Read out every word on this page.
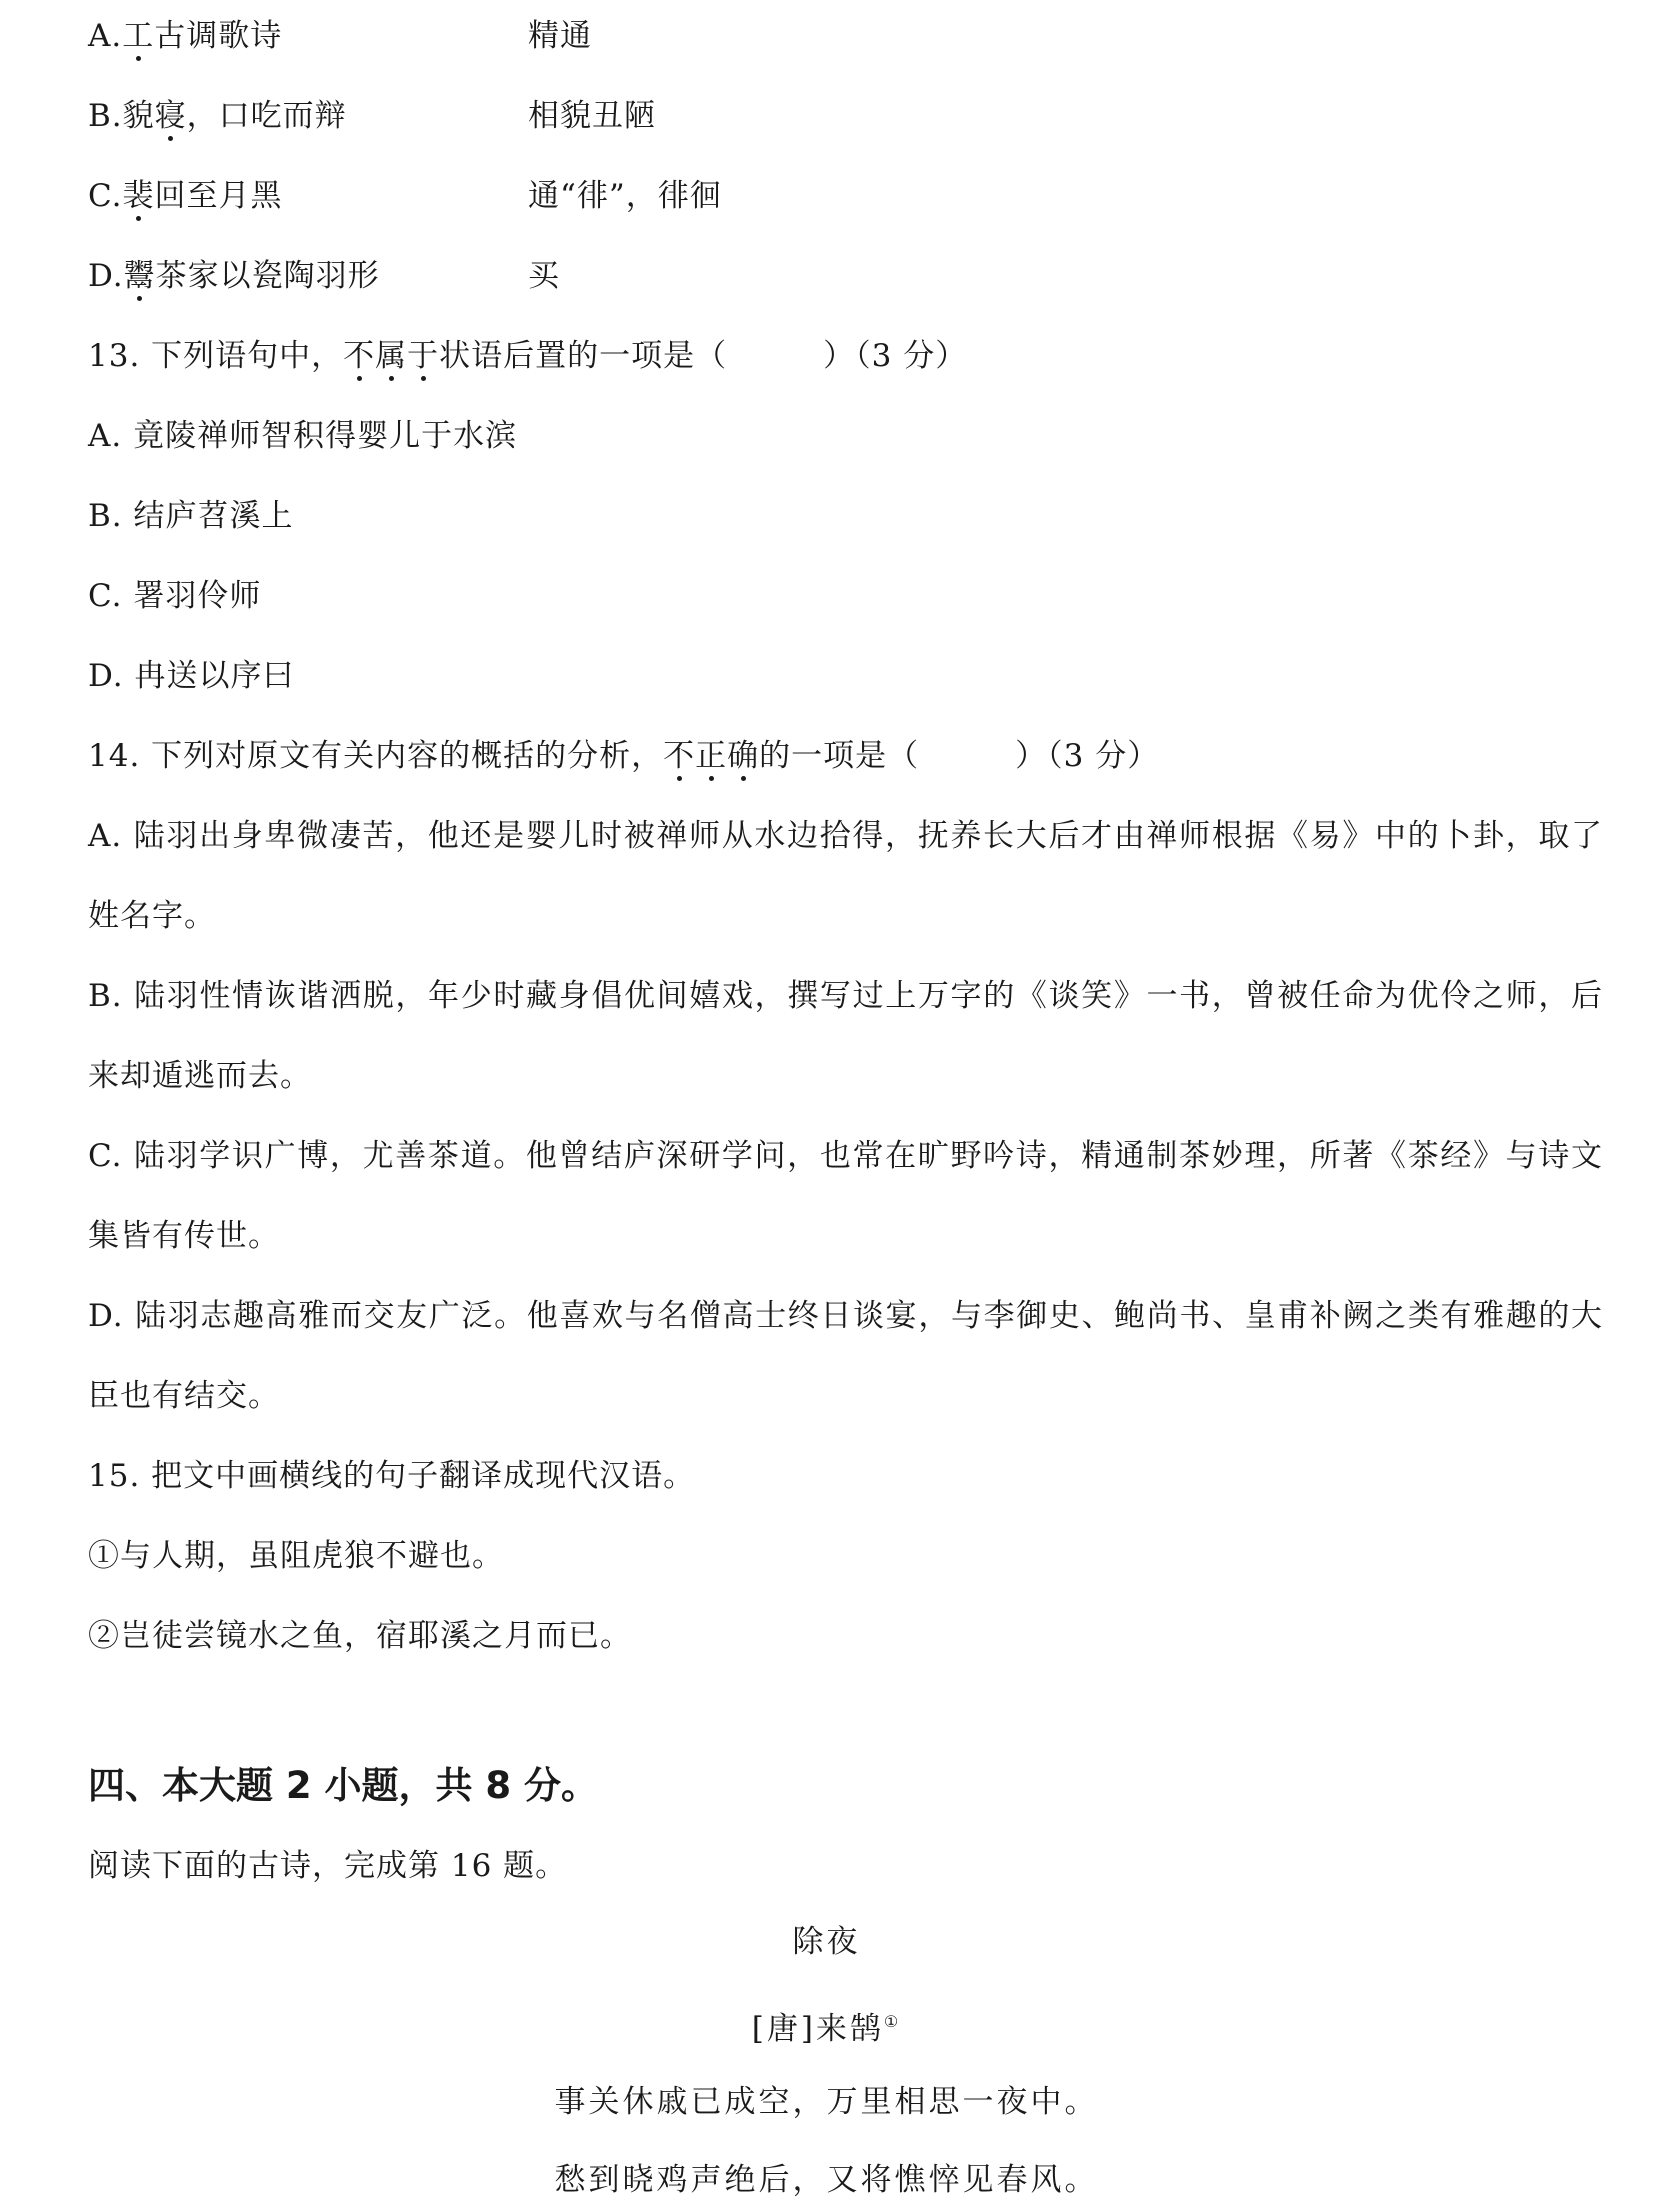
A.工古调歌诗	精通
B.貌寝，口吃而辩	相貌丑陋
C.裴回至月黑	通“徘”，徘徊
D.鬻茶家以瓷陶羽形	买
13. 下列语句中，不属于状语后置的一项是（　　　）（3 分）
A. 竟陵禅师智积得婴儿于水滨
B. 结庐苕溪上
C. 署羽伶师
D. 冉送以序曰
14. 下列对原文有关内容的概括的分析，不正确的一项是（　　　）（3 分）
A. 陆羽出身卑微凄苦，他还是婴儿时被禅师从水边拾得，抚养长大后才由禅师根据《易》中的卜卦，取了姓名字。
B. 陆羽性情诙谐洒脱，年少时藏身倡优间嬉戏，撰写过上万字的《谈笑》一书，曾被任命为优伶之师，后来却遁逃而去。
C. 陆羽学识广博，尤善茶道。他曾结庐深研学问，也常在旷野吟诗，精通制茶妙理，所著《茶经》与诗文集皆有传世。
D. 陆羽志趣高雅而交友广泛。他喜欢与名僧高士终日谈宴，与李御史、鲍尚书、皇甫补阙之类有雅趣的大臣也有结交。
15. 把文中画横线的句子翻译成现代汉语。
①与人期，虽阻虎狼不避也。
②岂徒尝镜水之鱼，宿耶溪之月而已。
四、本大题 2 小题，共 8 分。
阅读下面的古诗，完成第 16 题。
除夜
[唐]来鹄①
事关休戚已成空，万里相思一夜中。
愁到晓鸡声绝后，又将憔悴见春风。
